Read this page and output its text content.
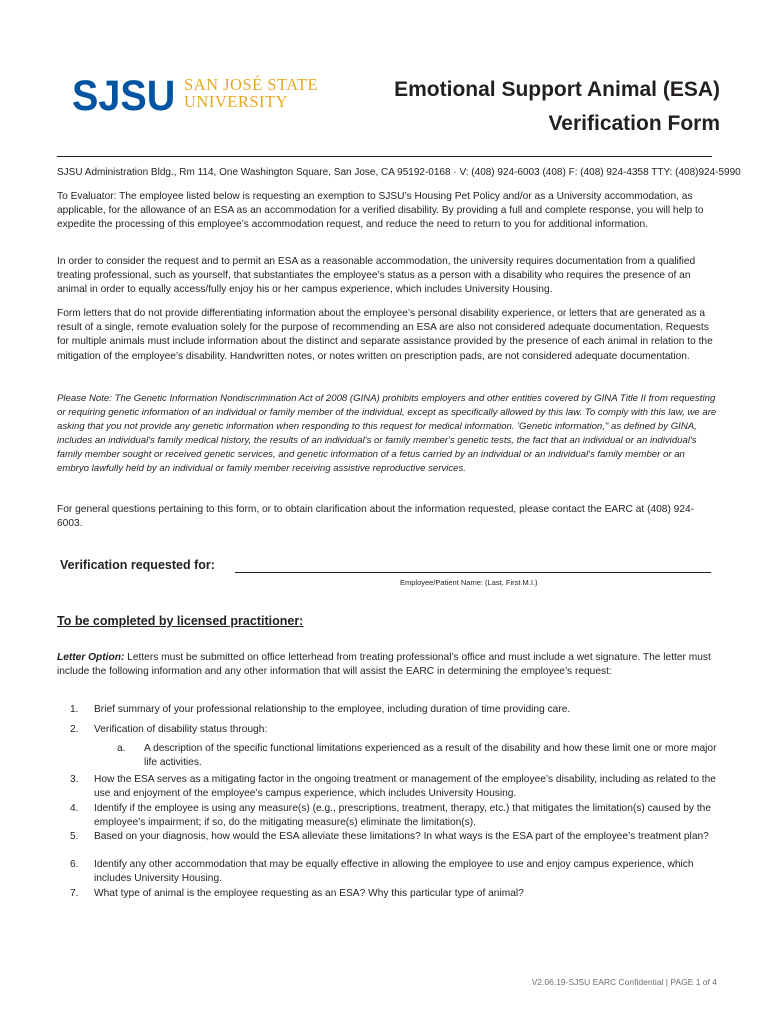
SJSU SAN JOSÉ STATE
UNIVERSITY
Emotional Support Animal (ESA)
Verification Form
SJSU Administration Bldg., Rm 114, One Washington Square, San Jose, CA 95192-0168 · V: (408) 924-6003 (408) F: (408) 924-4358 TTY: (408)924-5990
To Evaluator: The employee listed below is requesting an exemption to SJSU’s Housing Pet Policy and/or as a University accommodation, as applicable, for the allowance of an ESA as an accommodation for a verified disability. By providing a full and complete response, you will help to expedite the processing of this employee’s accommodation request, and reduce the need to return to you for additional information.
In order to consider the request and to permit an ESA as a reasonable accommodation, the university requires documentation from a qualified treating professional, such as yourself, that substantiates the employee’s status as a person with a disability who requires the presence of an animal in order to equally access/fully enjoy his or her campus experience, which includes University Housing.
Form letters that do not provide differentiating information about the employee’s personal disability experience, or letters that are generated as a result of a single, remote evaluation solely for the purpose of recommending an ESA are also not considered adequate documentation. Requests for multiple animals must include information about the distinct and separate assistance provided by the presence of each animal in relation to the mitigation of the employee’s disability. Handwritten notes, or notes written on prescription pads, are not considered adequate documentation.
Please Note: The Genetic Information Nondiscrimination Act of 2008 (GINA) prohibits employers and other entities covered by GINA Title II from requesting or requiring genetic information of an individual or family member of the individual, except as specifically allowed by this law. To comply with this law, we are asking that you not provide any genetic information when responding to this request for medical information. 'Genetic information," as defined by GINA, includes an individual's family medical history, the results of an individual's or family member's genetic tests, the fact that an individual or an individual's family member sought or received genetic services, and genetic information of a fetus carried by an individual or an individual's family member or an embryo lawfully held by an individual or family member receiving assistive reproductive services.
For general questions pertaining to this form, or to obtain clarification about the information requested, please contact the EARC at (408) 924-6003.
Verification requested for:
Employee/Patient Name: (Last, First M.I.)
To be completed by licensed practitioner:
Letter Option: Letters must be submitted on office letterhead from treating professional’s office and must include a wet signature. The letter must include the following information and any other information that will assist the EARC in determining the employee’s request:
1.	Brief summary of your professional relationship to the employee, including duration of time providing care.
2.	Verification of disability status through:
a.	A description of the specific functional limitations experienced as a result of the disability and how these limit one or more major life activities.
3.	How the ESA serves as a mitigating factor in the ongoing treatment or management of the employee’s disability, including as related to the use and enjoyment of the employee’s campus experience, which includes University Housing.
4.	Identify if the employee is using any measure(s) (e.g., prescriptions, treatment, therapy, etc.) that mitigates the limitation(s) caused by the employee’s impairment; if so, do the mitigating measure(s) eliminate the limitation(s).
5.	Based on your diagnosis, how would the ESA alleviate these limitations? In what ways is the ESA part of the employee’s treatment plan?
6.	Identify any other accommodation that may be equally effective in allowing the employee to use and enjoy campus experience, which includes University Housing.
7.	What type of animal is the employee requesting as an ESA? Why this particular type of animal?
V2.06.19-SJSU EARC Confidential | PAGE 1 of 4
